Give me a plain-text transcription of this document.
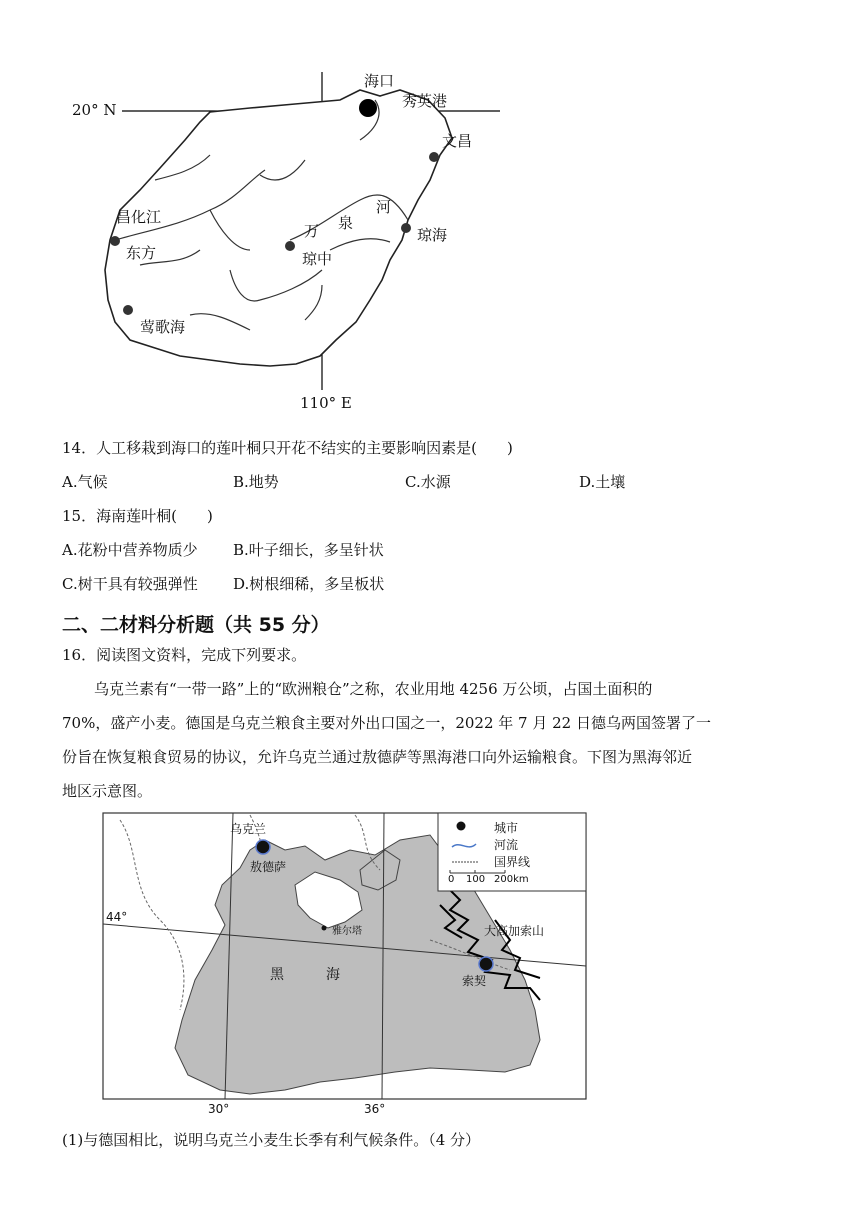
20° N
110° E
海口
秀英港
文昌
昌化江
东方
万 泉
河
琼海
琼中
莺歌海
14．人工移栽到海口的莲叶桐只开花不结实的主要影响因素是(　　)
A.气候	B.地势	C.水源	D.土壤
15．海南莲叶桐(　　)
A.花粉中营养物质少 B.叶子细长，多呈针状
C.树干具有较强弹性 D.树根细稀，多呈板状
二、二材料分析题（共 55 分）
16．阅读图文资料，完成下列要求。
乌克兰素有“一带一路”上的“欧洲粮仓”之称，农业用地 4256 万公顷，占国土面积的
70%，盛产小麦。德国是乌克兰粮食主要对外出口国之一，2022 年 7 月 22 日德乌两国签署了一
份旨在恢复粮食贸易的协议，允许乌克兰通过敖德萨等黑海港口向外运输粮食。下图为黑海邻近
地区示意图。
乌克兰
敖德萨
雅尔塔
黑	海
大高加索山
索契
44°
30°	36°
城市
河流
国界线
0 100 200km
(1)与德国相比，说明乌克兰小麦生长季有利气候条件。（4 分）
